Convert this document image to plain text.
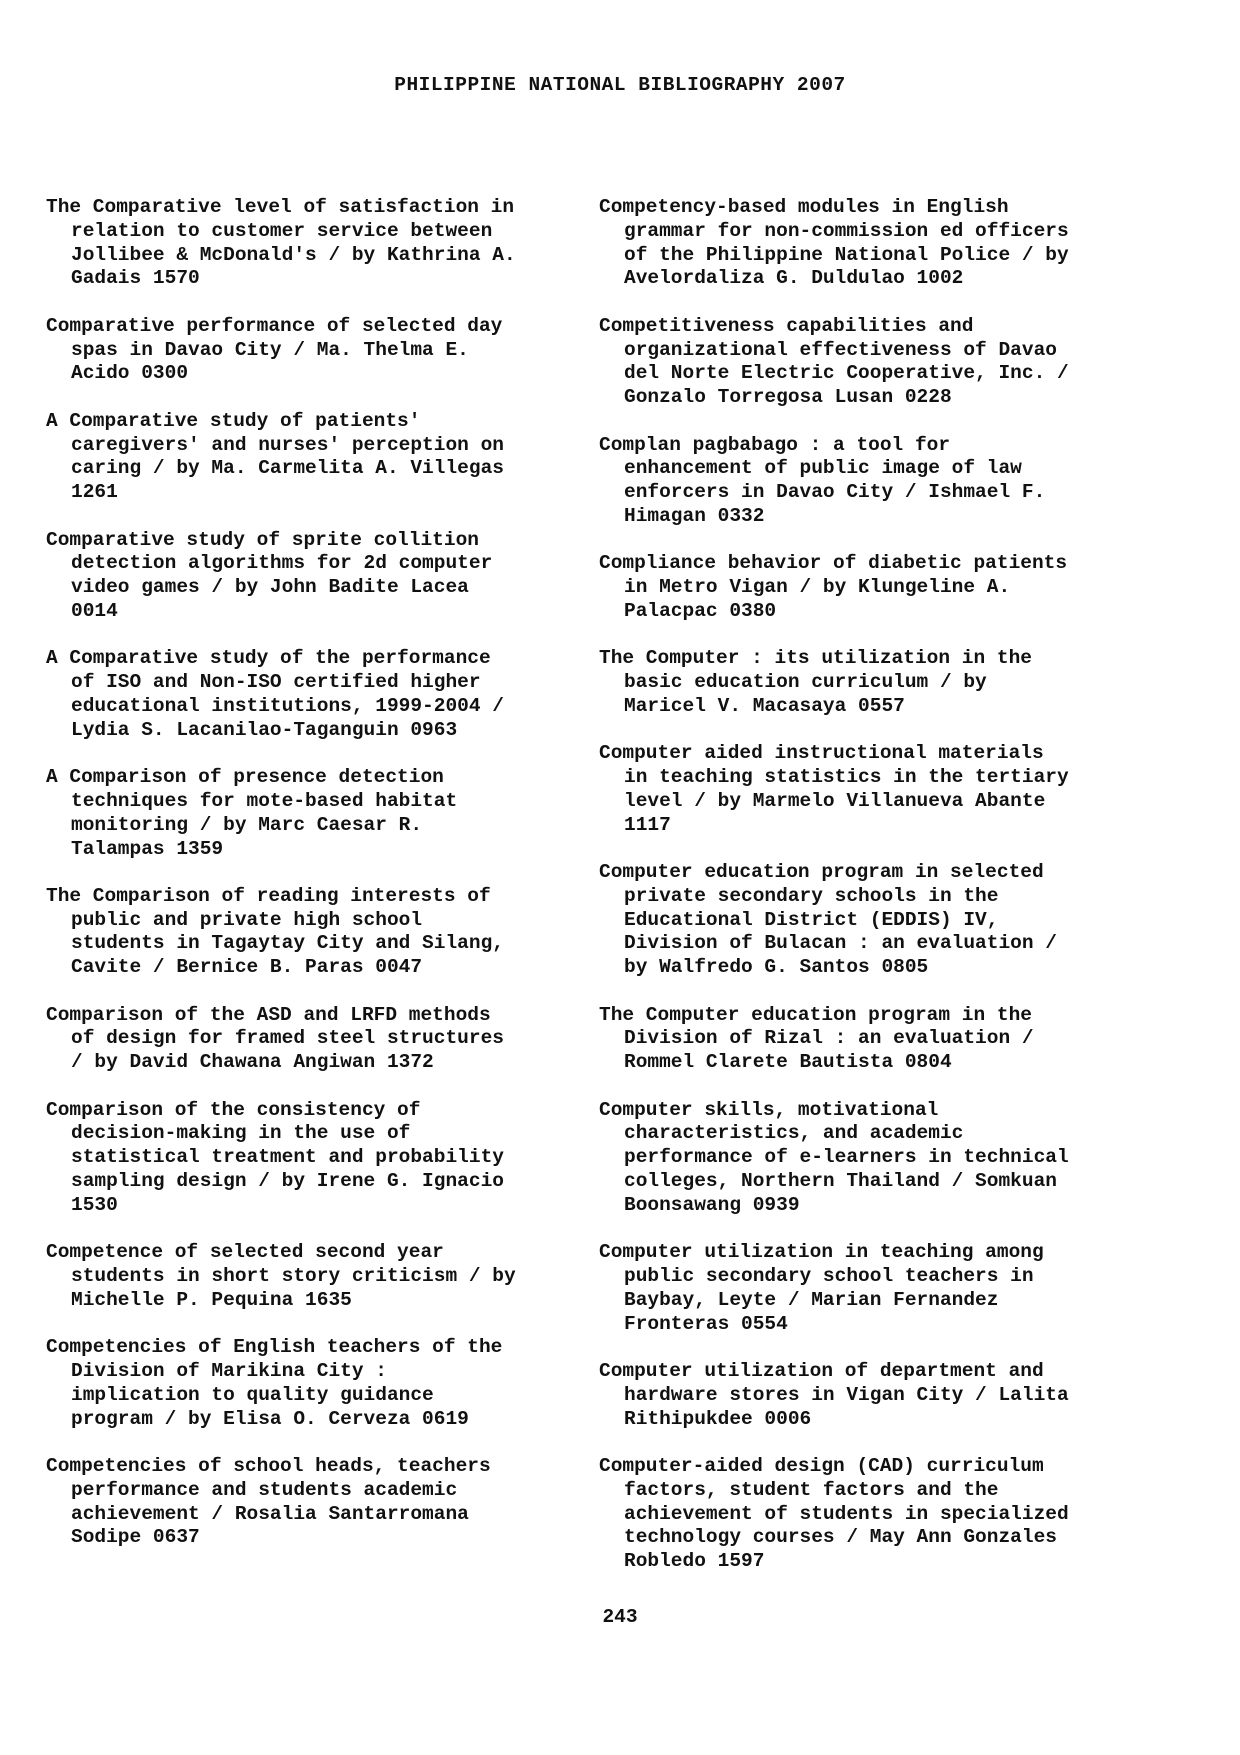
PHILIPPINE NATIONAL BIBLIOGRAPHY 2007

The Comparative level of satisfaction in
relation to customer service between
Jollibee & McDonald's / by Kathrina A.
Gadais 1570

Comparative performance of selected day
spas in Davao City / Ma. Thelma E.
Acido 0300

A Comparative study of patients'
caregivers' and nurses' perception on
caring / by Ma. Carmelita A. Villegas
1261

Comparative study of sprite collition
detection algorithms for 2d computer
video games / by John Badite Lacea
0014

A Comparative study of the performance
of ISO and Non-ISO certified higher
educational institutions, 1999-2004 /
Lydia S. Lacanilao-Taganguin 0963

A Comparison of presence detection
techniques for mote-based habitat
monitoring / by Marc Caesar R.
Talampas 1359

The Comparison of reading interests of
public and private high school
students in Tagaytay City and Silang,
Cavite / Bernice B. Paras 0047

Comparison of the ASD and LRFD methods
of design for framed steel structures
/ by David Chawana Angiwan 1372

Comparison of the consistency of
decision-making in the use of
statistical treatment and probability
sampling design / by Irene G. Ignacio
1530

Competence of selected second year
students in short story criticism / by
Michelle P. Pequina 1635

Competencies of English teachers of the
Division of Marikina City :
implication to quality guidance
program / by Elisa O. Cerveza 0619

Competencies of school heads, teachers
performance and students academic
achievement / Rosalia Santarromana
Sodipe 0637

Competency-based modules in English
grammar for non-commission ed officers
of the Philippine National Police / by
Avelordaliza G. Duldulao 1002

Competitiveness capabilities and
organizational effectiveness of Davao
del Norte Electric Cooperative, Inc. /
Gonzalo Torregosa Lusan 0228

Complan pagbabago : a tool for
enhancement of public image of law
enforcers in Davao City / Ishmael F.
Himagan 0332

Compliance behavior of diabetic patients
in Metro Vigan / by Klungeline A.
Palacpac 0380

The Computer : its utilization in the
basic education curriculum / by
Maricel V. Macasaya 0557

Computer aided instructional materials
in teaching statistics in the tertiary
level / by Marmelo Villanueva Abante
1117

Computer education program in selected
private secondary schools in the
Educational District (EDDIS) IV,
Division of Bulacan : an evaluation /
by Walfredo G. Santos 0805

The Computer education program in the
Division of Rizal : an evaluation /
Rommel Clarete Bautista 0804

Computer skills, motivational
characteristics, and academic
performance of e-learners in technical
colleges, Northern Thailand / Somkuan
Boonsawang 0939

Computer utilization in teaching among
public secondary school teachers in
Baybay, Leyte / Marian Fernandez
Fronteras 0554

Computer utilization of department and
hardware stores in Vigan City / Lalita
Rithipukdee 0006

Computer-aided design (CAD) curriculum
factors, student factors and the
achievement of students in specialized
technology courses / May Ann Gonzales
Robledo 1597

243
